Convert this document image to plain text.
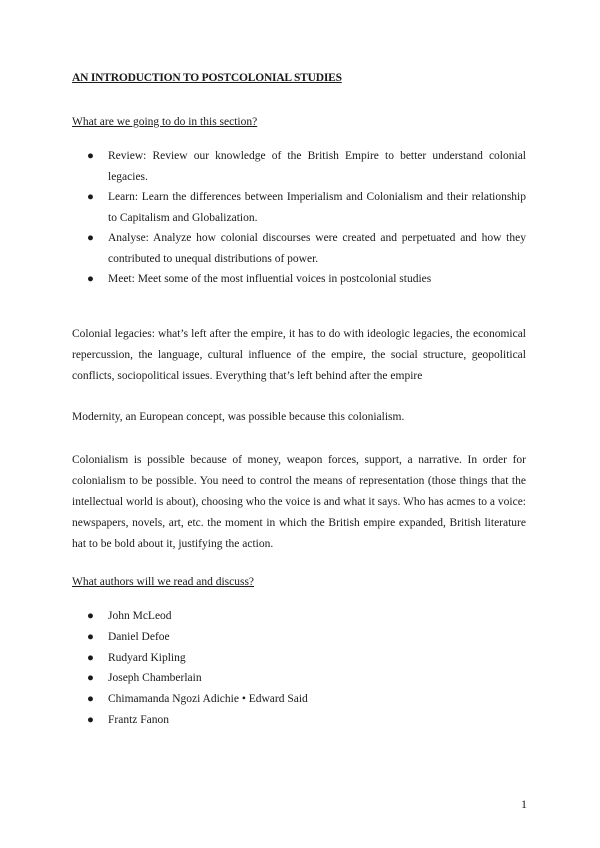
AN INTRODUCTION TO POSTCOLONIAL STUDIES
What are we going to do in this section?
● Review: Review our knowledge of the British Empire to better understand colonial legacies.
● Learn: Learn the differences between Imperialism and Colonialism and their relationship to Capitalism and Globalization.
● Analyse: Analyze how colonial discourses were created and perpetuated and how they contributed to unequal distributions of power.
● Meet: Meet some of the most influential voices in postcolonial studies

Colonial legacies: what’s left after the empire, it has to do with ideologic legacies, the economical repercussion, the language, cultural influence of the empire, the social structure, geopolitical conflicts, sociopolitical issues. Everything that’s left behind after the empire

Modernity, an European concept, was possible because this colonialism.

Colonialism is possible because of money, weapon forces, support, a narrative. In order for colonialism to be possible. You need to control the means of representation (those things that the intellectual world is about), choosing who the voice is and what it says. Who has acmes to a voice: newspapers, novels, art, etc. the moment in which the British empire expanded, British literature hat to be bold about it, justifying the action.

What authors will we read and discuss?
● John McLeod
● Daniel Defoe
● Rudyard Kipling
● Joseph Chamberlain
● Chimamanda Ngozi Adichie • Edward Said
● Frantz Fanon
1
